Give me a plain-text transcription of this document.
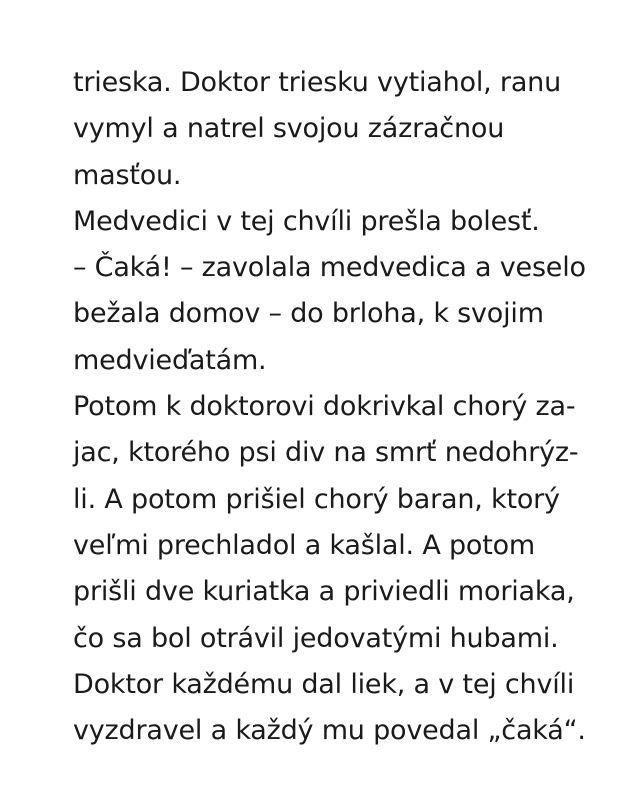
trieska. Doktor triesku vytiahol, ranu
vymyl a natrel svojou zázračnou
masťou.
Medvedici v tej chvíli prešla bolesť.
– Čaká! – zavolala medvedica a veselo
bežala domov – do brloha, k svojim
medvieďatám.
Potom k doktorovi dokrivkal chorý za-
jac, ktorého psi div na smrť nedohrýz-
li. A potom prišiel chorý baran, ktorý
veľmi prechladol a kašlal. A potom
prišli dve kuriatka a priviedli moriaka,
čo sa bol otrávil jedovatými hubami.
Doktor každému dal liek, a v tej chvíli
vyzdravel a každý mu povedal „čaká“.
